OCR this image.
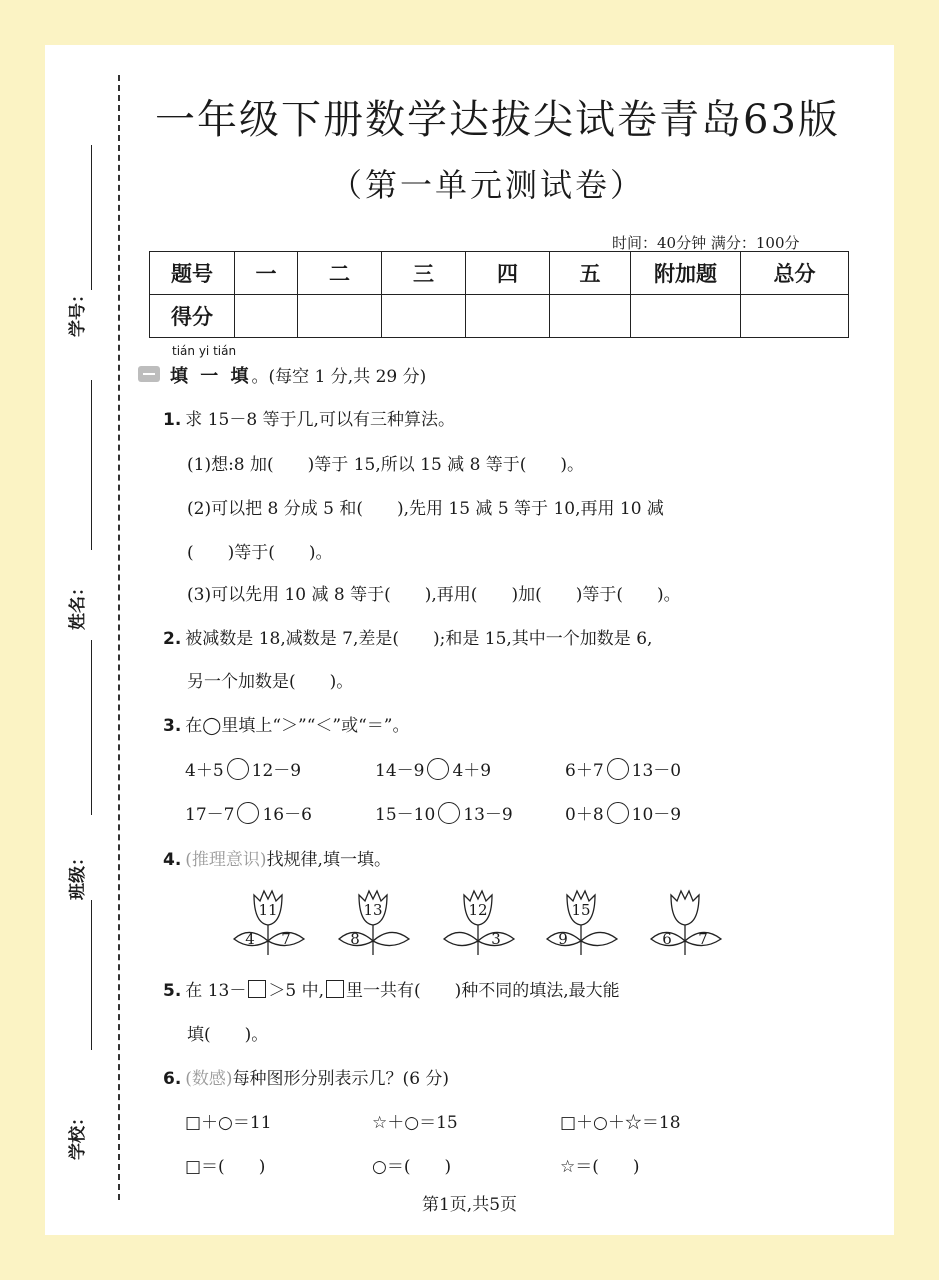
学号：
姓名：
班级：
学校：
一年级下册数学达拔尖试卷青岛63版
（第一单元测试卷）
时间：40分钟 满分：100分
题号	一	二	三	四	五	附加题	总分
得分							
tián yi tián
填 一 填。(每空 1 分,共 29 分)
1. 求 15－8 等于几,可以有三种算法。
(1)想:8 加(　　)等于 15,所以 15 减 8 等于(　　)。
(2)可以把 8 分成 5 和(　　),先用 15 减 5 等于 10,再用 10 减
(　　)等于(　　)。
(3)可以先用 10 减 8 等于(　　),再用(　　)加(　　)等于(　　)。
2. 被减数是 18,减数是 7,差是(　　);和是 15,其中一个加数是 6,
另一个加数是(　　)。
3. 在◯里填上“＞”“＜”或“＝”。
4＋5 12－9	14－9 4＋9	6＋7 13－0
17－7 16－6	15－10 13－9	0＋8 10－9
4. (推理意识)找规律,填一填。
11
4	7
13
8
12
3
15
9	6	7
5. 在 13－ ＞5 中, 里一共有(　　)种不同的填法,最大能
填(　　)。
6. (数感)每种图形分别表示几？(6 分)
□＋○＝11	☆＋○＝15	□＋○＋☆＝18
□＝(　　)	○＝(　　)	☆＝(　　)
第1页,共5页
